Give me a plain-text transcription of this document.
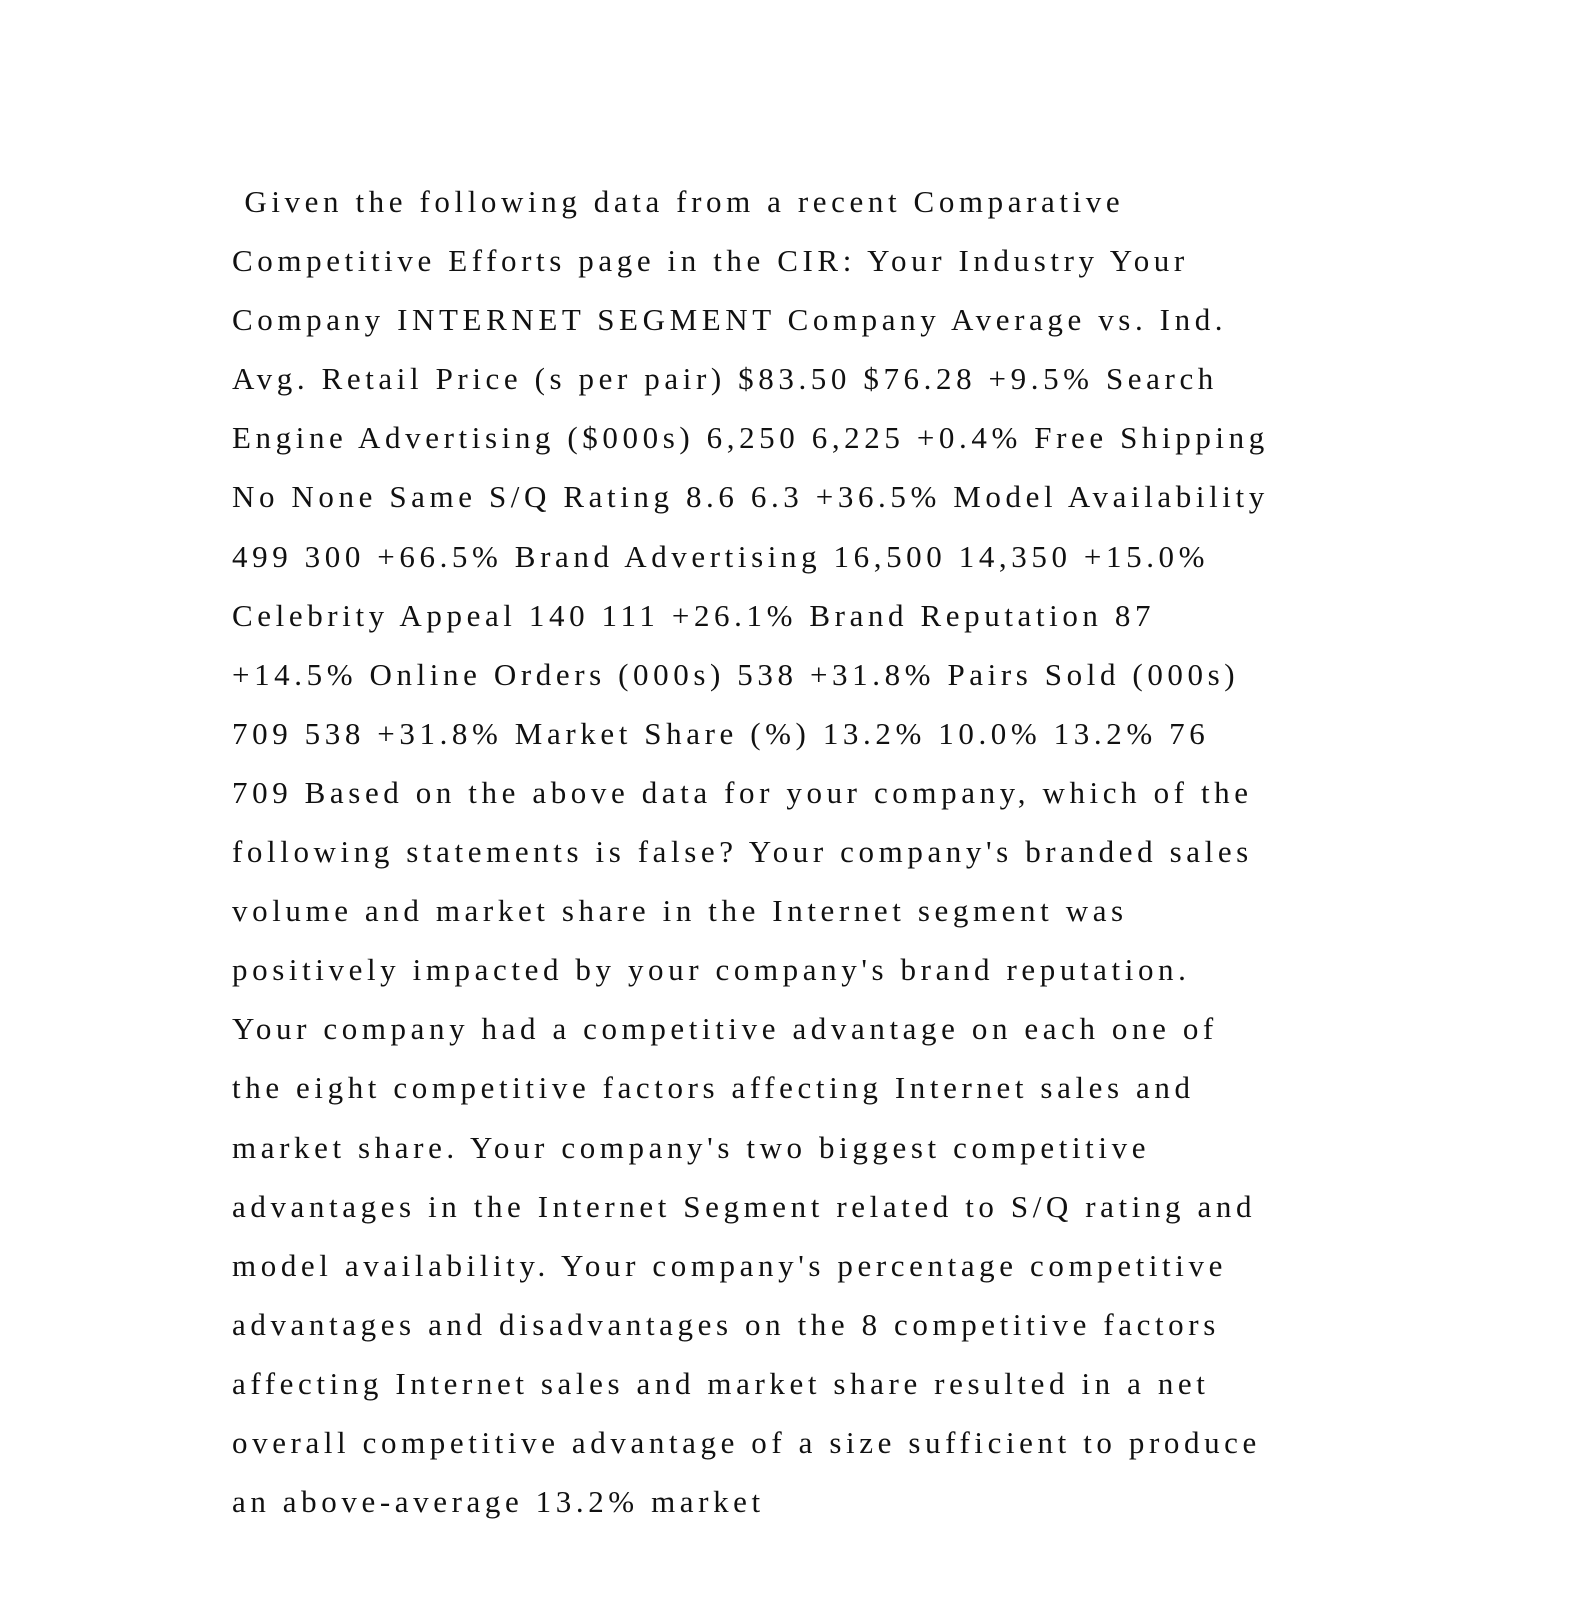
Given the following data from a recent Comparative
Competitive Efforts page in the CIR: Your Industry Your
Company INTERNET SEGMENT Company Average vs. Ind.
Avg. Retail Price (s per pair) $83.50 $76.28 +9.5% Search
Engine Advertising ($000s) 6,250 6,225 +0.4% Free Shipping
No None Same S/Q Rating 8.6 6.3 +36.5% Model Availability
499 300 +66.5% Brand Advertising 16,500 14,350 +15.0%
Celebrity Appeal 140 111 +26.1% Brand Reputation 87
+14.5% Online Orders (000s) 538 +31.8% Pairs Sold (000s)
709 538 +31.8% Market Share (%) 13.2% 10.0% 13.2% 76
709 Based on the above data for your company, which of the
following statements is false? Your company's branded sales
volume and market share in the Internet segment was
positively impacted by your company's brand reputation.
Your company had a competitive advantage on each one of
the eight competitive factors affecting Internet sales and
market share. Your company's two biggest competitive
advantages in the Internet Segment related to S/Q rating and
model availability. Your company's percentage competitive
advantages and disadvantages on the 8 competitive factors
affecting Internet sales and market share resulted in a net
overall competitive advantage of a size sufficient to produce
an above-average 13.2% market
